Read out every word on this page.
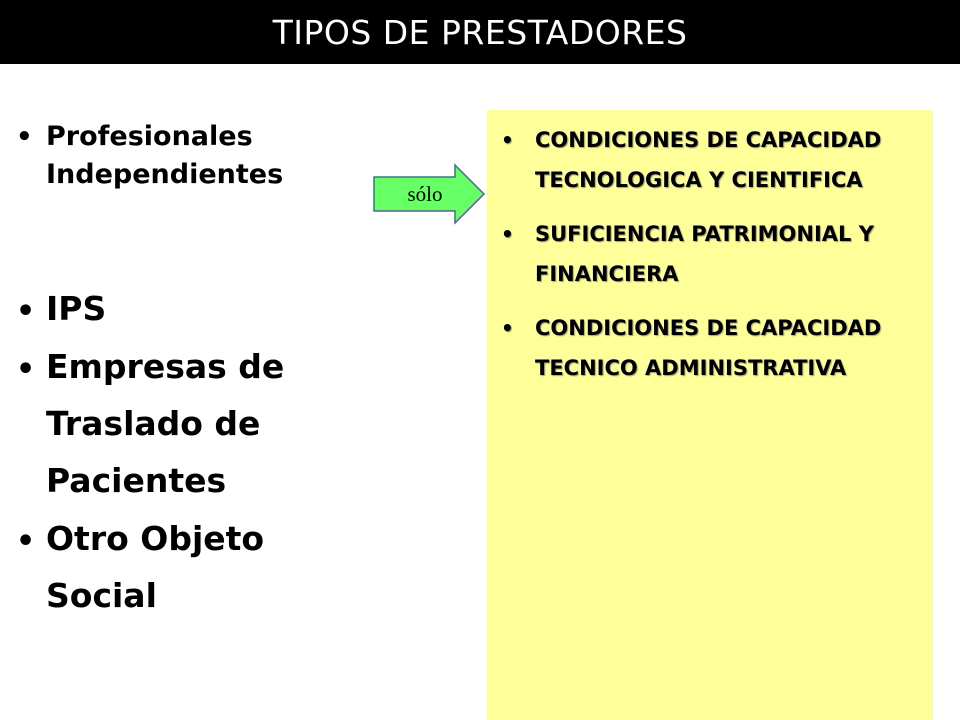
TIPOS DE PRESTADORES
• Profesionales Independientes
• IPS
• Empresas de Traslado de Pacientes
• Otro Objeto Social
sólo
• CONDICIONES DE CAPACIDAD TECNOLOGICA Y CIENTIFICA
• SUFICIENCIA PATRIMONIAL Y FINANCIERA
• CONDICIONES DE CAPACIDAD TECNICO ADMINISTRATIVA
